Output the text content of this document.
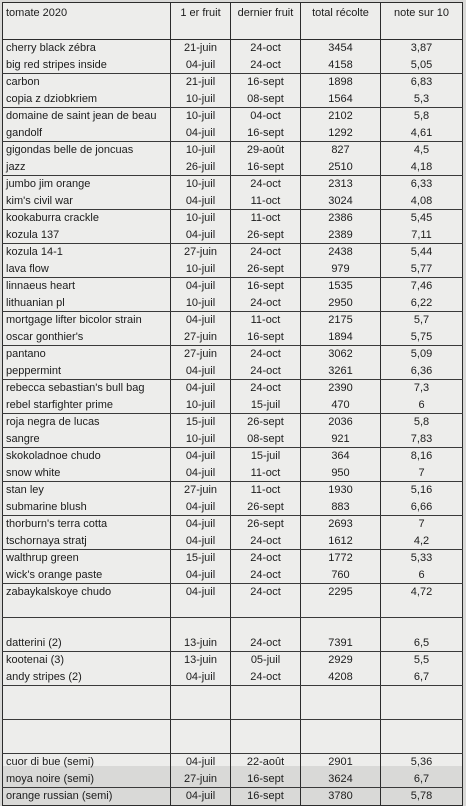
tomate 2020	1 er fruit	dernier fruit	total récolte	note sur 10
cherry black zébra	21-juin	24-oct	3454	3,87
big red stripes inside	04-juil	24-oct	4158	5,05
carbon	21-juil	16-sept	1898	6,83
copia z dziobkriem	10-juil	08-sept	1564	5,3
domaine de saint jean de beau	10-juil	04-oct	2102	5,8
gandolf	04-juil	16-sept	1292	4,61
gigondas belle de joncuas	10-juil	29-août	827	4,5
jazz	26-juil	16-sept	2510	4,18
jumbo jim orange	10-juil	24-oct	2313	6,33
kim's civil war	04-juil	11-oct	3024	4,08
kookaburra crackle	10-juil	11-oct	2386	5,45
kozula 137	04-juil	26-sept	2389	7,11
kozula 14-1	27-juin	24-oct	2438	5,44
lava flow	10-juil	26-sept	979	5,77
linnaeus heart	04-juil	16-sept	1535	7,46
lithuanian pl	10-juil	24-oct	2950	6,22
mortgage lifter bicolor strain	04-juil	11-oct	2175	5,7
oscar gonthier's	27-juin	16-sept	1894	5,75
pantano	27-juin	24-oct	3062	5,09
peppermint	04-juil	24-oct	3261	6,36
rebecca sebastian's bull bag	04-juil	24-oct	2390	7,3
rebel starfighter prime	10-juil	15-juil	470	6
roja negra de lucas	15-juil	26-sept	2036	5,8
sangre	10-juil	08-sept	921	7,83
skokoladnoe chudo	04-juil	15-juil	364	8,16
snow white	04-juil	11-oct	950	7
stan ley	27-juin	11-oct	1930	5,16
submarine blush	04-juil	26-sept	883	6,66
thorburn's terra cotta	04-juil	26-sept	2693	7
tschornaya stratj	04-juil	24-oct	1612	4,2
walthrup green	15-juil	24-oct	1772	5,33
wick's orange paste	04-juil	24-oct	760	6
zabaykalskoye chudo	04-juil	24-oct	2295	4,72

datterini (2)	13-juin	24-oct	7391	6,5
kootenai (3)	13-juin	05-juil	2929	5,5
andy stripes (2)	04-juil	24-oct	4208	6,7

cuor di bue (semi)	04-juil	22-août	2901	5,36
moya noire (semi)	27-juin	16-sept	3624	6,7
orange russian (semi)	04-juil	16-sept	3780	5,78
